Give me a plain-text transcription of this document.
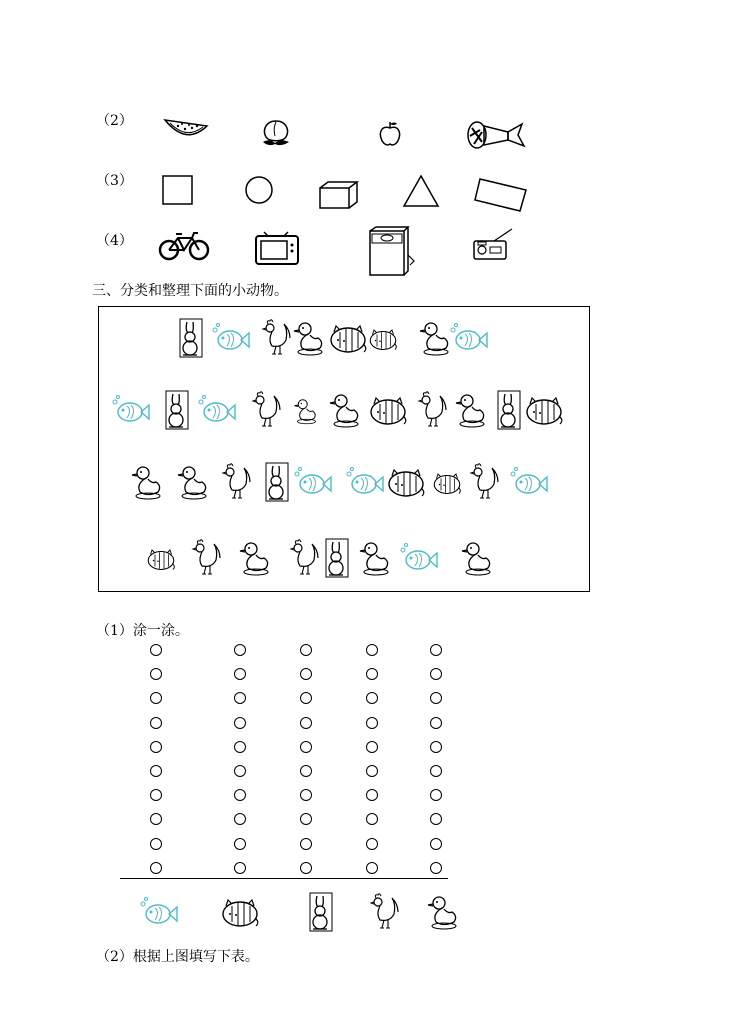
（2）
（3）
（4）
三、分类和整理下面的小动物。
（1）涂一涂。
（2）根据上图填写下表。
